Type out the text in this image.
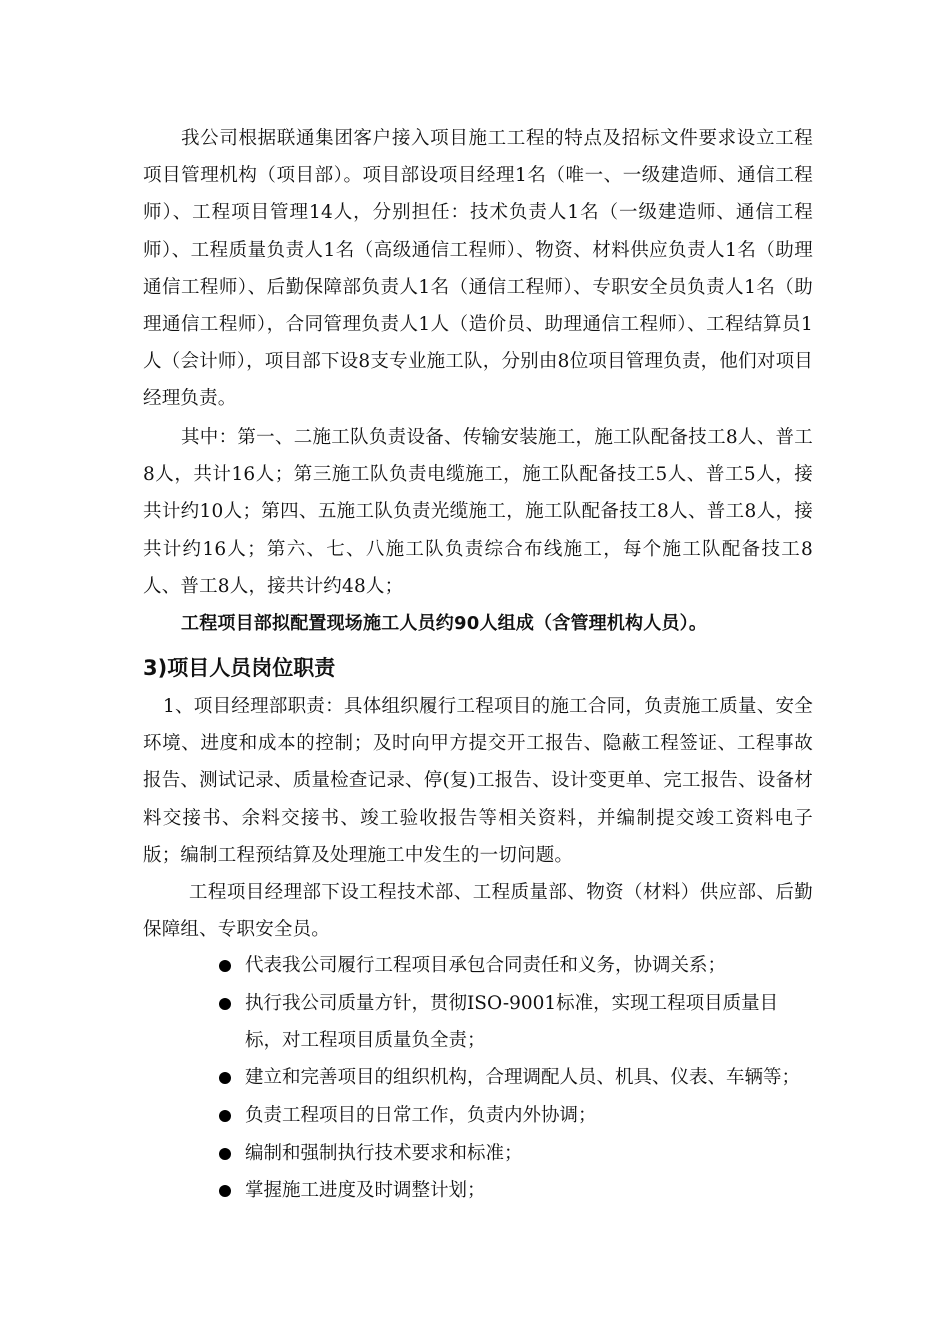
我公司根据联通集团客户接入项目施工工程的特点及招标文件要求设立工程项目管理机构（项目部）。项目部设项目经理1名（唯一、一级建造师、通信工程师）、工程项目管理14人，分别担任：技术负责人1名（一级建造师、通信工程师）、工程质量负责人1名（高级通信工程师）、物资、材料供应负责人1名（助理通信工程师）、后勤保障部负责人1名（通信工程师）、专职安全员负责人1名（助理通信工程师），合同管理负责人1人（造价员、助理通信工程师）、工程结算员1人（会计师），项目部下设8支专业施工队，分别由8位项目管理负责，他们对项目经理负责。

其中：第一、二施工队负责设备、传输安装施工，施工队配备技工8人、普工8人，共计16人；第三施工队负责电缆施工，施工队配备技工5人、普工5人，接共计约10人；第四、五施工队负责光缆施工，施工队配备技工8人、普工8人，接共计约16人；第六、七、八施工队负责综合布线施工，每个施工队配备技工8人、普工8人，接共计约48人；

工程项目部拟配置现场施工人员约90人组成（含管理机构人员）。

3)项目人员岗位职责

1、项目经理部职责：具体组织履行工程项目的施工合同，负责施工质量、安全环境、进度和成本的控制；及时向甲方提交开工报告、隐蔽工程签证、工程事故报告、测试记录、质量检查记录、停(复)工报告、设计变更单、完工报告、设备材料交接书、余料交接书、竣工验收报告等相关资料，并编制提交竣工资料电子版；编制工程预结算及处理施工中发生的一切问题。

工程项目经理部下设工程技术部、工程质量部、物资（材料）供应部、后勤保障组、专职安全员。

代表我公司履行工程项目承包合同责任和义务，协调关系；
执行我公司质量方针，贯彻ISO-9001标准，实现工程项目质量目标，对工程项目质量负全责；
建立和完善项目的组织机构，合理调配人员、机具、仪表、车辆等；
负责工程项目的日常工作，负责内外协调；
编制和强制执行技术要求和标准；
掌握施工进度及时调整计划；
